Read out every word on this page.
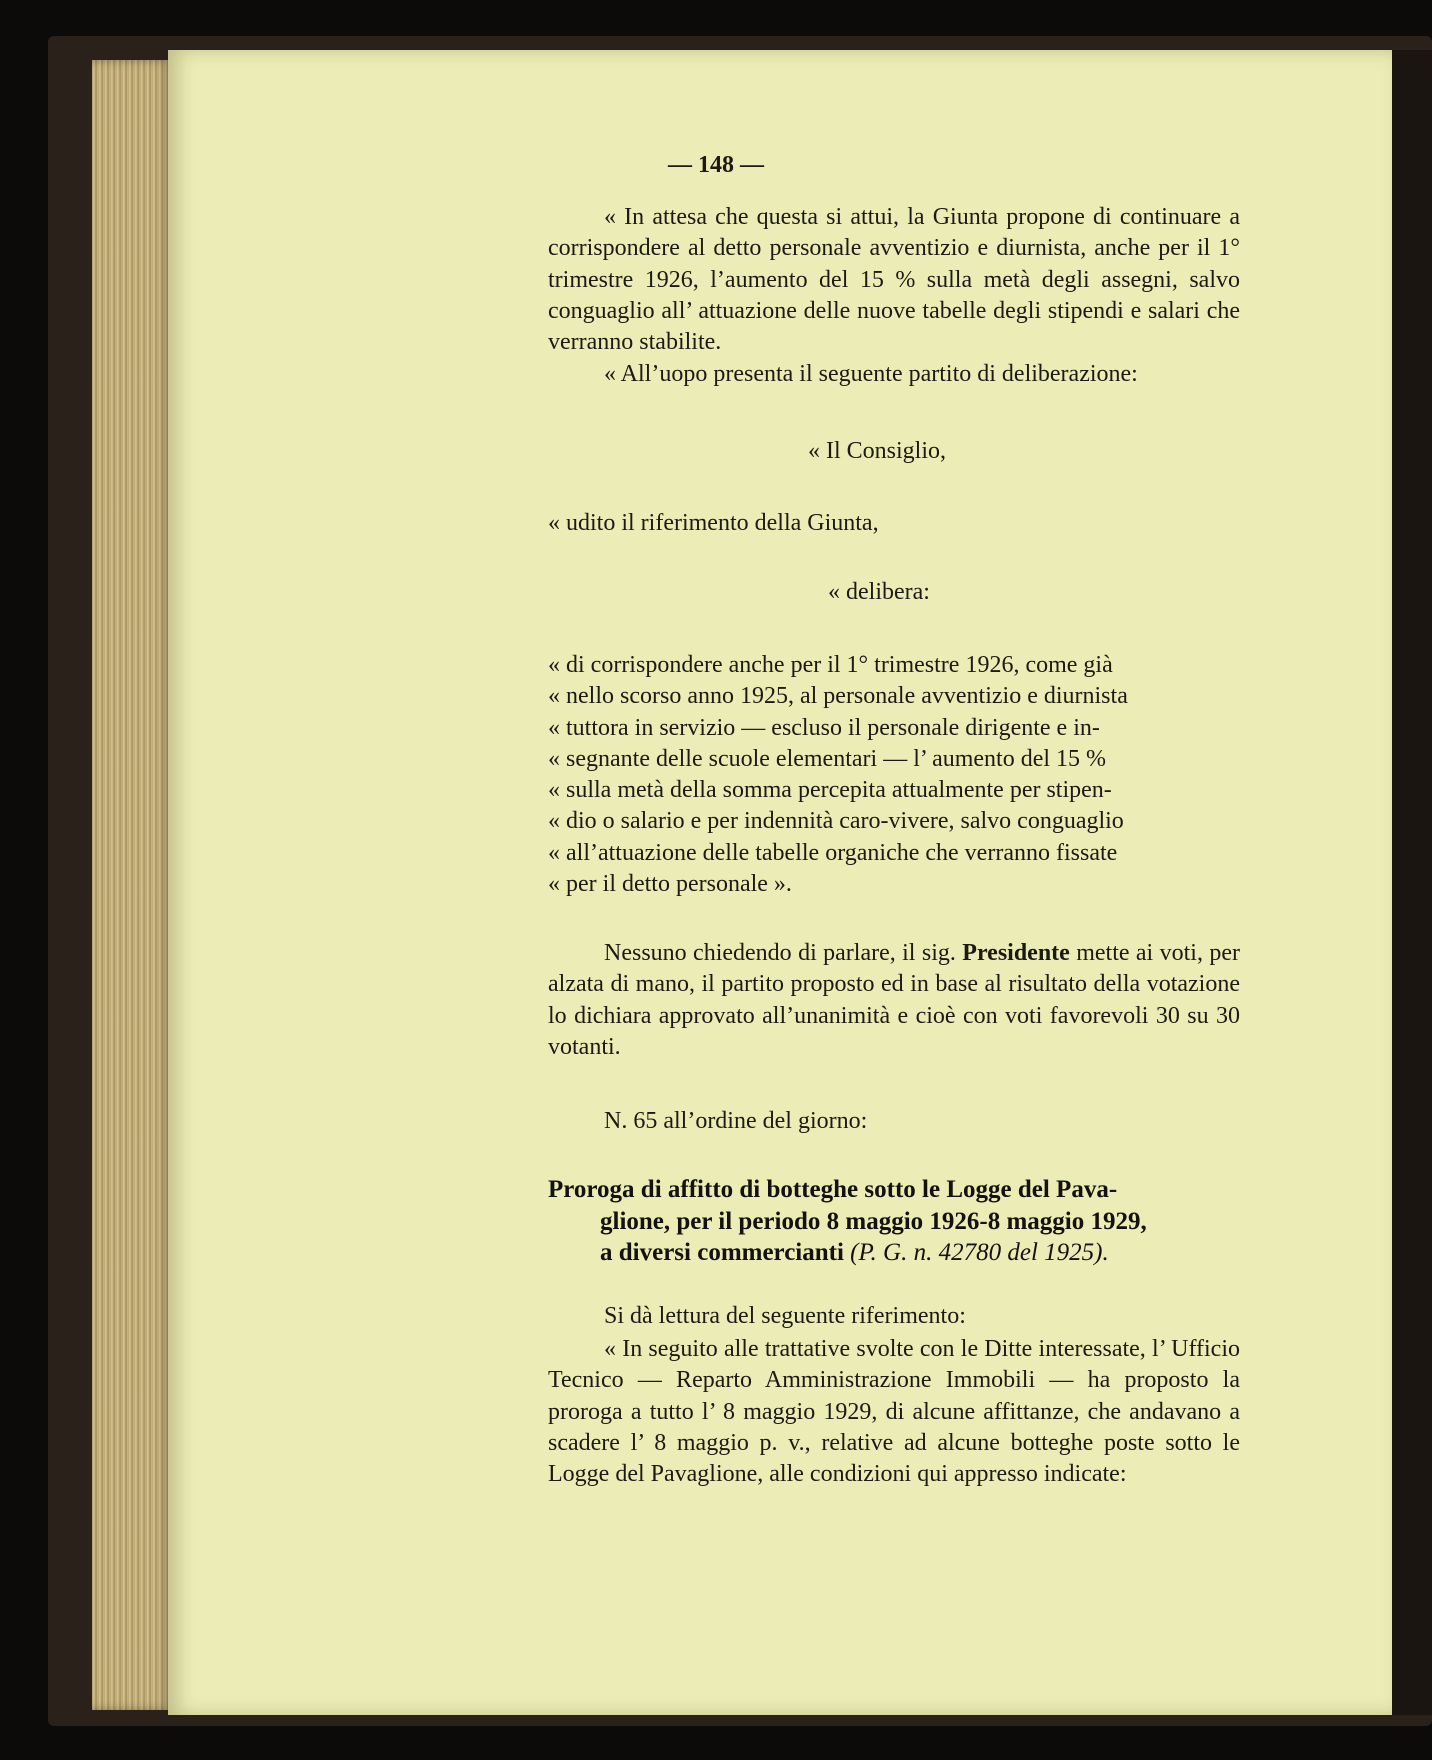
— 148 —
« In attesa che questa si attui, la Giunta propone di continuare a corrispondere al detto personale avventizio e diurnista, anche per il 1° trimestre 1926, l’aumento del 15 % sulla metà degli assegni, salvo conguaglio all’ attuazione delle nuove tabelle degli stipendi e salari che verranno stabilite.
« All’uopo presenta il seguente partito di deliberazione:
« Il Consiglio,
« udito il riferimento della Giunta,
« delibera:
« di corrispondere anche per il 1° trimestre 1926, come già
« nello scorso anno 1925, al personale avventizio e diurnista
« tuttora in servizio — escluso il personale dirigente e in-
« segnante delle scuole elementari — l’ aumento del 15 %
« sulla metà della somma percepita attualmente per stipen-
« dio o salario e per indennità caro-vivere, salvo conguaglio
« all’attuazione delle tabelle organiche che verranno fissate
« per il detto personale ».
Nessuno chiedendo di parlare, il sig. Presidente mette ai voti, per alzata di mano, il partito proposto ed in base al risultato della votazione lo dichiara approvato all’unanimità e cioè con voti favorevoli 30 su 30 votanti.
N. 65 all’ordine del giorno:
Proroga di affitto di botteghe sotto le Logge del Pava-
glione, per il periodo 8 maggio 1926-8 maggio 1929,
a diversi commercianti (P. G. n. 42780 del 1925).
Si dà lettura del seguente riferimento:
« In seguito alle trattative svolte con le Ditte interessate, l’ Ufficio Tecnico — Reparto Amministrazione Immobili — ha proposto la proroga a tutto l’ 8 maggio 1929, di alcune affittanze, che andavano a scadere l’ 8 maggio p. v., relative ad alcune botteghe poste sotto le Logge del Pavaglione, alle condizioni qui appresso indicate:
